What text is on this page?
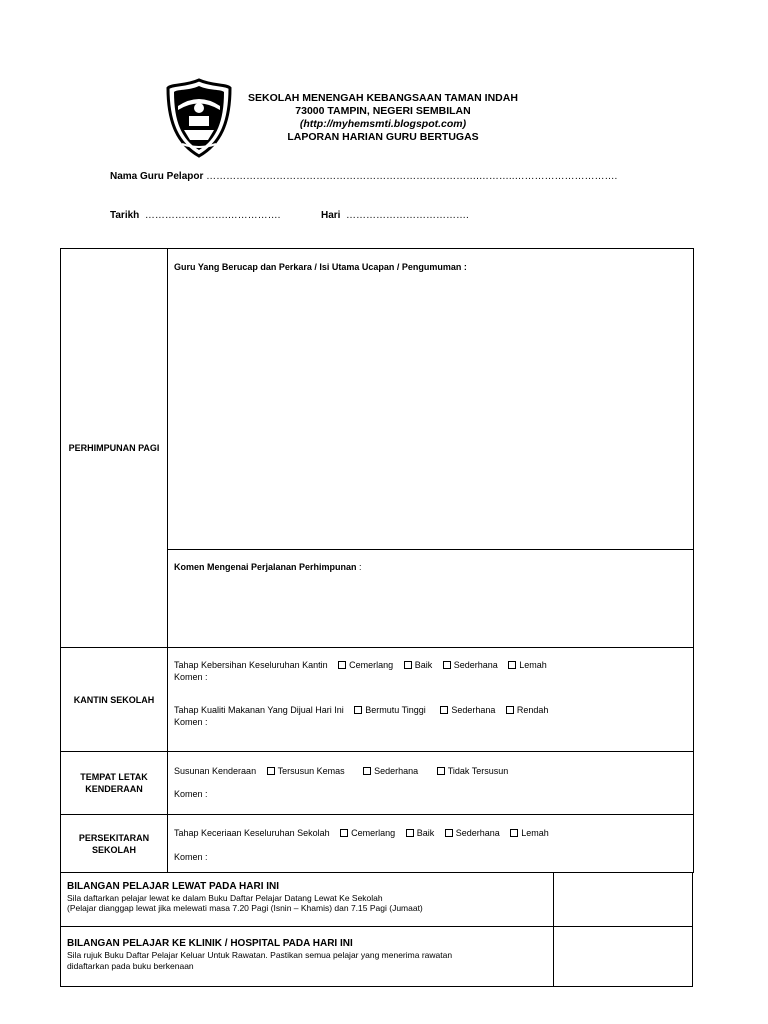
SEKOLAH MENENGAH KEBANGSAAN TAMAN INDAH
73000 TAMPIN, NEGERI SEMBILAN
(http://myhemsmti.blogspot.com)
LAPORAN HARIAN GURU BERTUGAS
Nama Guru Pelapor ……………………………………………………………………….………..………………………….
Tarikh …………………….…………….	Hari ……………………………….
PERHIMPUNAN PAGI	Guru Yang Berucap dan Perkara / Isi Utama Ucapan / Pengumuman :

	Komen Mengenai Perjalanan Perhimpunan :

KANTIN SEKOLAH	Tahap Kebersihan Keseluruhan Kantin Cemerlang Baik Sederhana Lemah
Komen :
Tahap Kualiti Makanan Yang Dijual Hari Ini Bermutu Tinggi Sederhana Rendah
Komen :

TEMPAT LETAK KENDERAAN	Susunan Kenderaan Tersusun Kemas Sederhana Tidak Tersusun
Komen :

PERSEKITARAN SEKOLAH	Tahap Keceriaan Keseluruhan Sekolah Cemerlang Baik Sederhana Lemah
Komen :
BILANGAN PELAJAR LEWAT PADA HARI INI
Sila daftarkan pelajar lewat ke dalam Buku Daftar Pelajar Datang Lewat Ke Sekolah
(Pelajar dianggap lewat jika melewati masa 7.20 Pagi (Isnin – Khamis) dan 7.15 Pagi (Jumaat)
BILANGAN PELAJAR KE KLINIK / HOSPITAL PADA HARI INI
Sila rujuk Buku Daftar Pelajar Keluar Untuk Rawatan. Pastikan semua pelajar yang menerima rawatan
didaftarkan pada buku berkenaan
